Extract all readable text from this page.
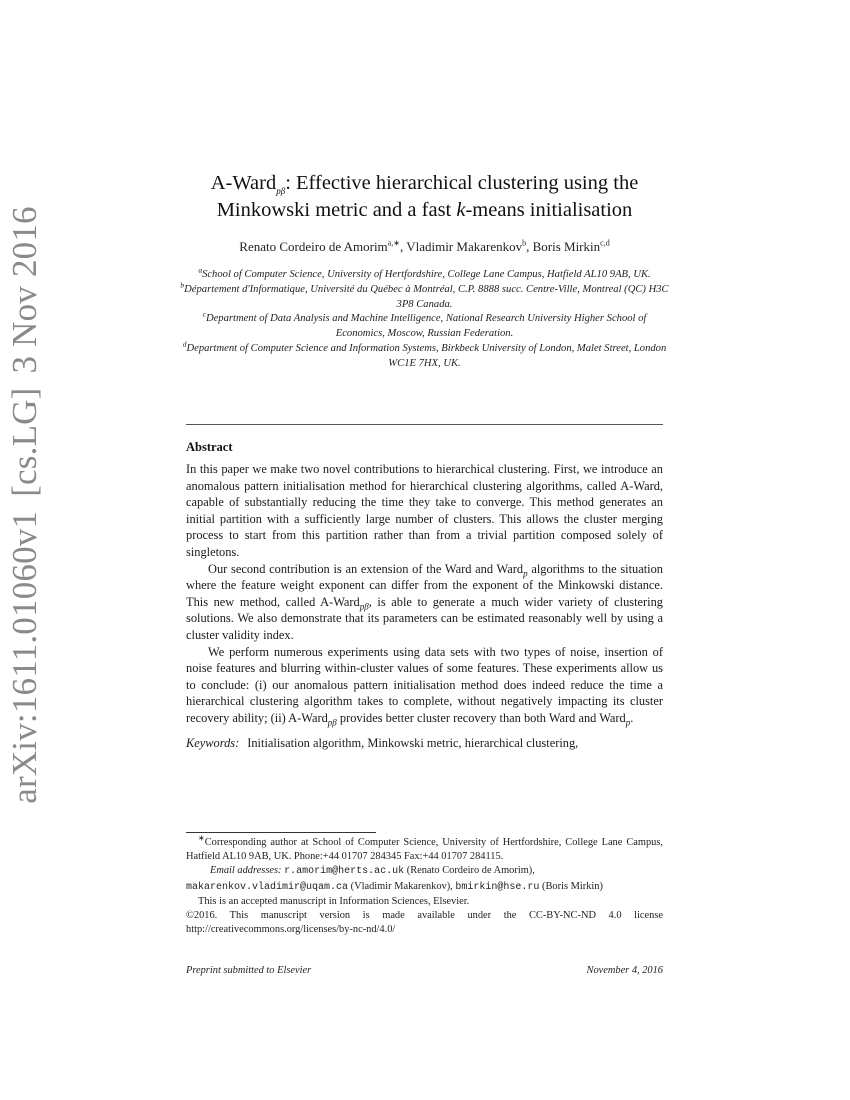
arXiv:1611.01060v1[cs.LG]3 Nov 2016
A-Ward$_{p\beta}$: Effective hierarchical clustering using the
Minkowski metric and a fast k-means initialisation
Renato Cordeiro de Amorim$^{a,∗}$, Vladimir Makarenkov$^b$, Boris Mirkin$^{c,d}$
$^a$School of Computer Science, University of Hertfordshire, College Lane Campus, Hatfield AL10 9AB, UK.
$^b$Département d'Informatique, Université du Québec à Montréal, C.P. 8888 succ. Centre-Ville, Montreal (QC) H3C 3P8 Canada.
$^c$Department of Data Analysis and Machine Intelligence, National Research University Higher School of Economics, Moscow, Russian Federation.
$^d$Department of Computer Science and Information Systems, Birkbeck University of London, Malet Street, London WC1E 7HX, UK.
Abstract

In this paper we make two novel contributions to hierarchical clustering. First, we introduce an anomalous pattern initialisation method for hierarchical clustering algorithms, called A-Ward, capable of substantially reducing the time they take to converge. This method generates an initial partition with a sufficiently large number of clusters. This allows the cluster merging process to start from this partition rather than from a trivial partition composed solely of singletons.

Our second contribution is an extension of the Ward and Ward$_p$ algorithms to the situation where the feature weight exponent can differ from the exponent of the Minkowski distance. This new method, called A-Ward$_{p\beta}$, is able to generate a much wider variety of clustering solutions. We also demonstrate that its parameters can be estimated reasonably well by using a cluster validity index.

We perform numerous experiments using data sets with two types of noise, insertion of noise features and blurring within-cluster values of some features. These experiments allow us to conclude: (i) our anomalous pattern initialisation method does indeed reduce the time a hierarchical clustering algorithm takes to complete, without negatively impacting its cluster recovery ability; (ii) A-Ward$_{p\beta}$ provides better cluster recovery than both Ward and Ward$_p$.

Keywords: Initialisation algorithm, Minkowski metric, hierarchical clustering,

∗Corresponding author at School of Computer Science, University of Hertfordshire, College Lane Campus, Hatfield AL10 9AB, UK. Phone:+44 01707 284345 Fax:+44 01707 284115.

Email addresses: r.amorim@herts.ac.uk (Renato Cordeiro de Amorim),

makarenkov.vladimir@uqam.ca (Vladimir Makarenkov), bmirkin@hse.ru (Boris Mirkin)

This is an accepted manuscript in Information Sciences, Elsevier.

©2016. This manuscript version is made available under the CC-BY-NC-ND 4.0 license http://creativecommons.org/licenses/by-nc-nd/4.0/

Preprint submitted to Elsevier	November 4, 2016
